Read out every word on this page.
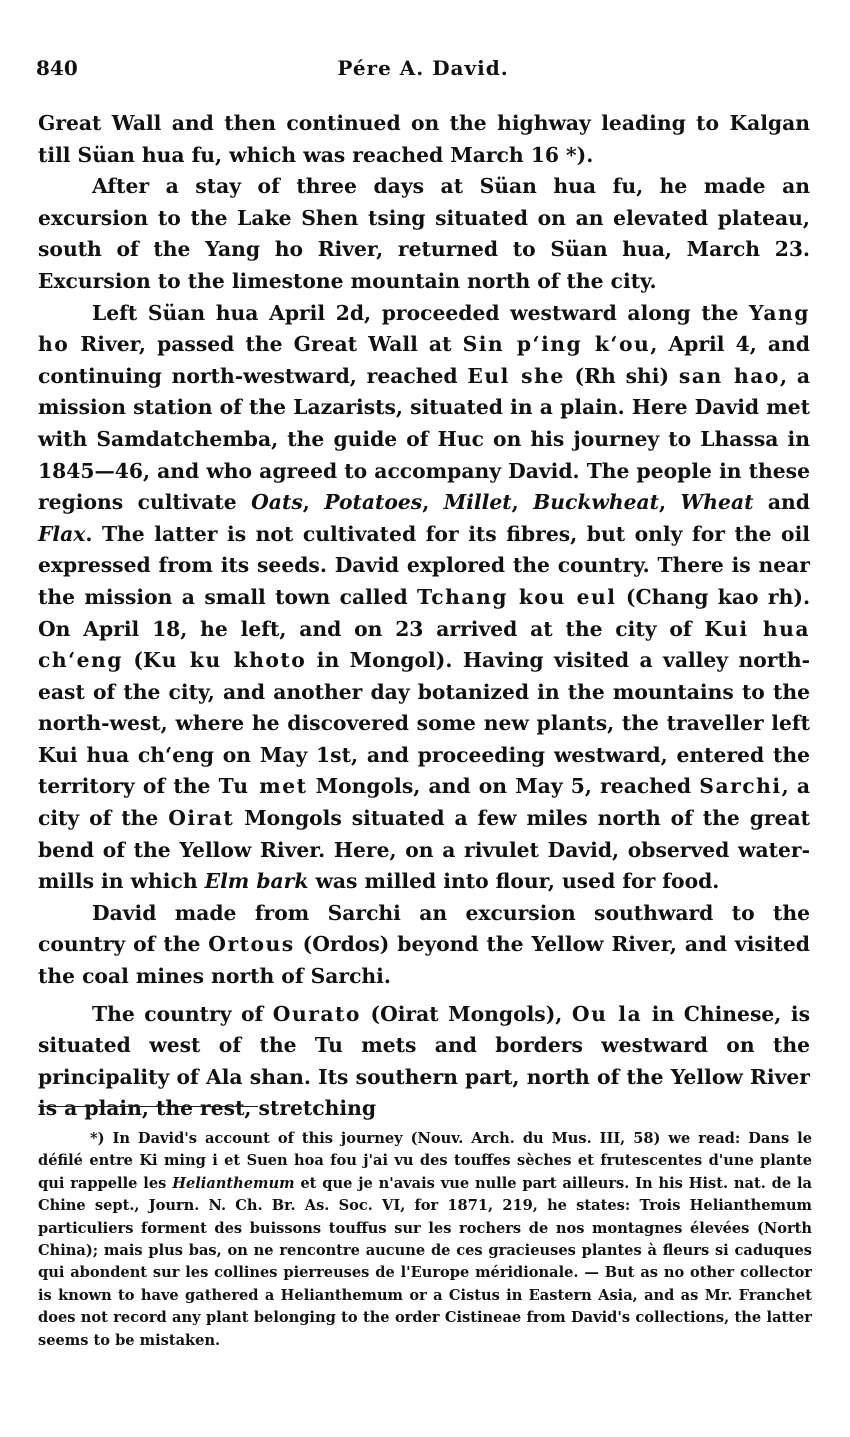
840	Pére A. David.

Great Wall and then continued on the highway leading to Kalgan till Süan hua fu, which was reached March 16 *).

After a stay of three days at Süan hua fu, he made an excursion to the Lake Shen tsing situated on an elevated plateau, south of the Yang ho River, returned to Süan hua, March 23. Excursion to the limestone mountain north of the city.

Left Süan hua April 2d, proceeded westward along the Yang ho River, passed the Great Wall at Sin p‘ing k‘ou, April 4, and continuing north-westward, reached Eul she (Rh shi) san hao, a mission station of the Lazarists, situated in a plain. Here David met with Samdatchemba, the guide of Huc on his journey to Lhassa in 1845—46, and who agreed to accompany David. The people in these regions cultivate Oats, Potatoes, Millet, Buckwheat, Wheat and Flax. The latter is not cultivated for its fibres, but only for the oil expressed from its seeds. David explored the country. There is near the mission a small town called Tchang kou eul (Chang kao rh). On April 18, he left, and on 23 arrived at the city of Kui hua ch‘eng (Ku ku khoto in Mongol). Having visited a valley north-east of the city, and another day botanized in the mountains to the north-west, where he discovered some new plants, the traveller left Kui hua ch‘eng on May 1st, and proceeding westward, entered the territory of the Tu met Mongols, and on May 5, reached Sarchi, a city of the Oirat Mongols situated a few miles north of the great bend of the Yellow River. Here, on a rivulet David, observed water-mills in which Elm bark was milled into flour, used for food.

David made from Sarchi an excursion southward to the country of the Ortous (Ordos) beyond the Yellow River, and visited the coal mines north of Sarchi.

The country of Ourato (Oirat Mongols), Ou la in Chinese, is situated west of the Tu mets and borders westward on the principality of Ala shan. Its southern part, north of the Yellow River is a plain, the rest, stretching

*) In David's account of this journey (Nouv. Arch. du Mus. III, 58) we read: Dans le défilé entre Ki ming i et Suen hoa fou j'ai vu des touffes sèches et frutescentes d'une plante qui rappelle les Helianthemum et que je n'avais vue nulle part ailleurs. In his Hist. nat. de la Chine sept., Journ. N. Ch. Br. As. Soc. VI, for 1871, 219, he states: Trois Helianthemum particuliers forment des buissons touffus sur les rochers de nos montagnes élevées (North China); mais plus bas, on ne rencontre aucune de ces gracieuses plantes à fleurs si caduques qui abondent sur les collines pierreuses de l'Europe méridionale. — But as no other collector is known to have gathered a Helianthemum or a Cistus in Eastern Asia, and as Mr. Franchet does not record any plant belonging to the order Cistineae from David's collections, the latter seems to be mistaken.
